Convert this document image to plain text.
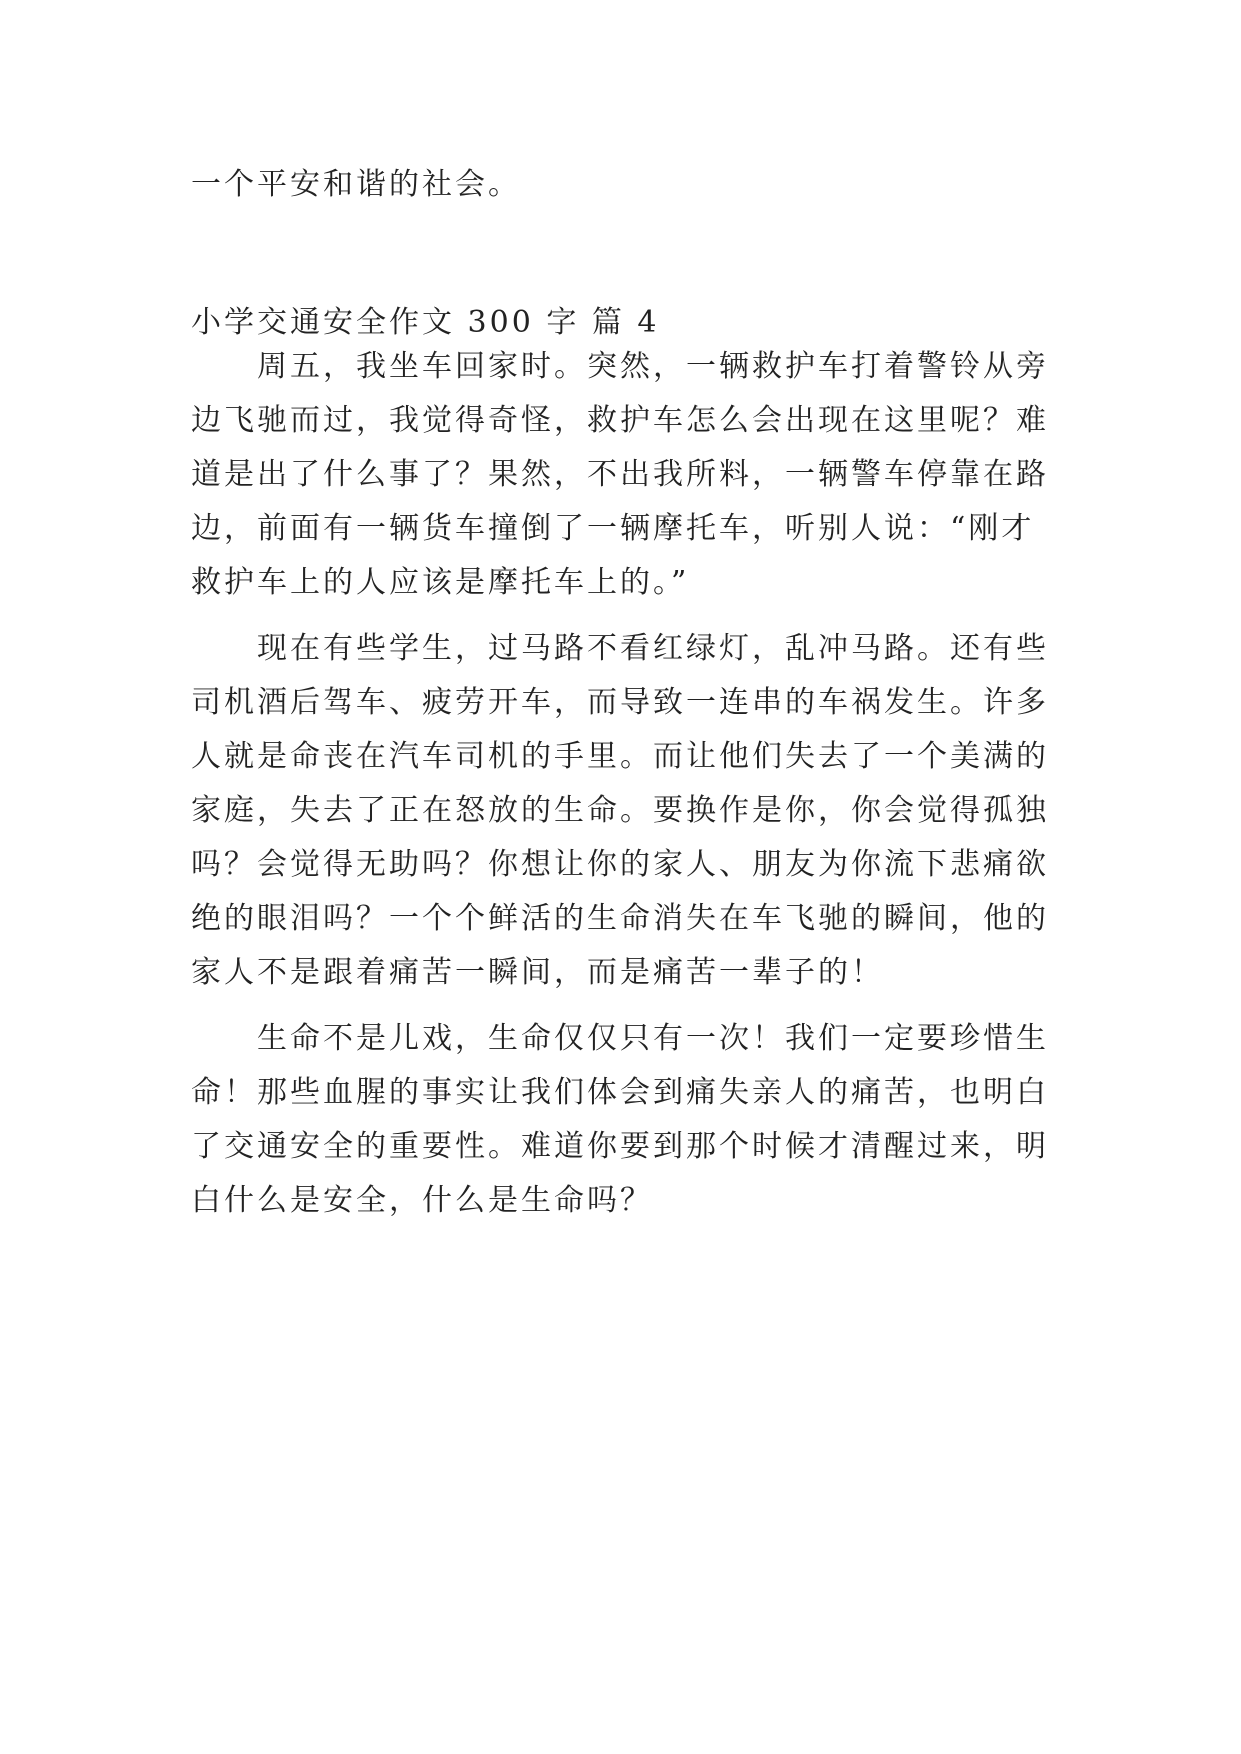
一个平安和谐的社会。
小学交通安全作文 300 字 篇 4
周五，我坐车回家时。突然，一辆救护车打着警铃从旁
边飞驰而过，我觉得奇怪，救护车怎么会出现在这里呢？难
道是出了什么事了？果然，不出我所料，一辆警车停靠在路
边，前面有一辆货车撞倒了一辆摩托车，听别人说：“刚才
救护车上的人应该是摩托车上的。”
现在有些学生，过马路不看红绿灯，乱冲马路。还有些
司机酒后驾车、疲劳开车，而导致一连串的车祸发生。许多
人就是命丧在汽车司机的手里。而让他们失去了一个美满的
家庭，失去了正在怒放的生命。要换作是你，你会觉得孤独
吗？会觉得无助吗？你想让你的家人、朋友为你流下悲痛欲
绝的眼泪吗？一个个鲜活的生命消失在车飞驰的瞬间，他的
家人不是跟着痛苦一瞬间，而是痛苦一辈子的！
生命不是儿戏，生命仅仅只有一次！我们一定要珍惜生
命！那些血腥的事实让我们体会到痛失亲人的痛苦，也明白
了交通安全的重要性。难道你要到那个时候才清醒过来，明
白什么是安全，什么是生命吗？
